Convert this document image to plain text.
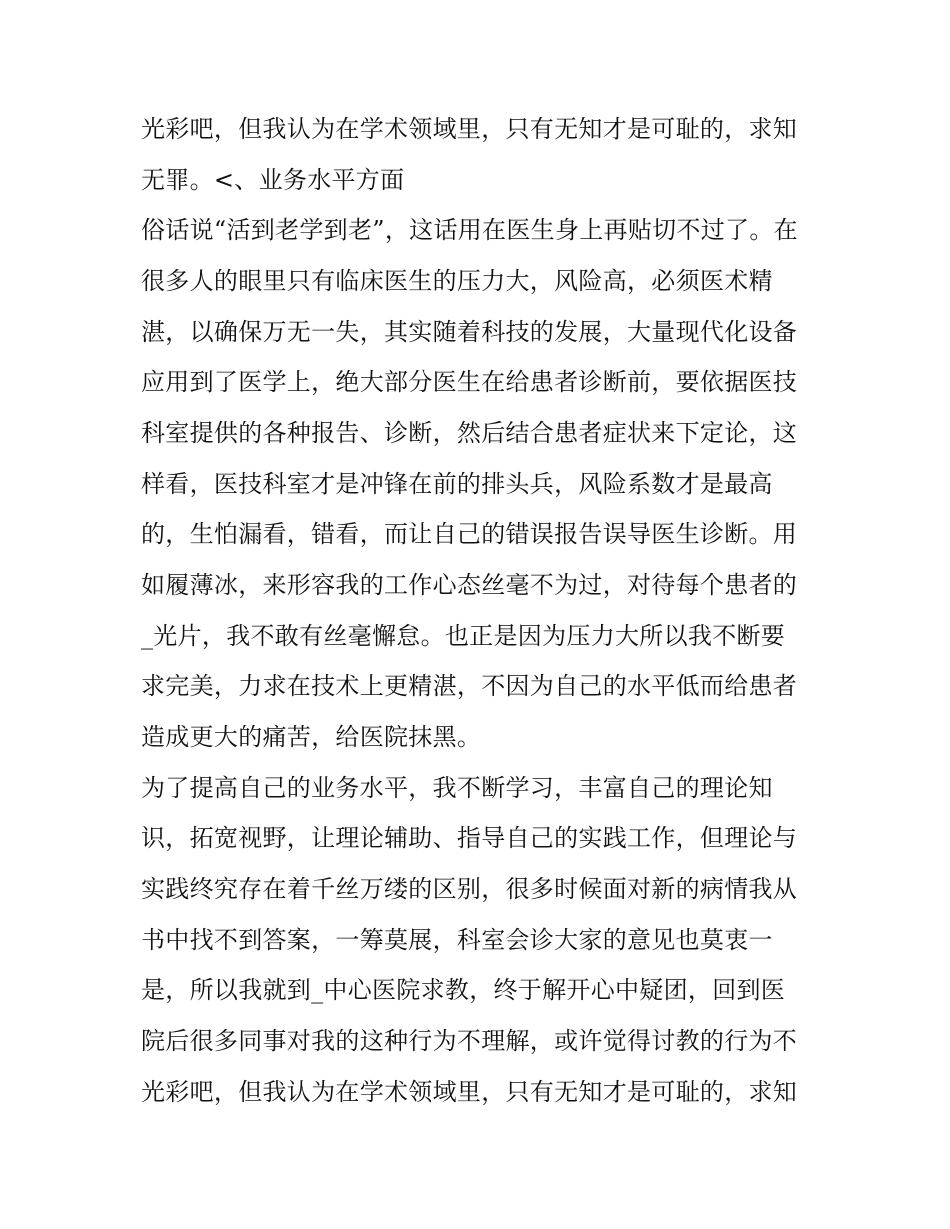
光彩吧，但我认为在学术领域里，只有无知才是可耻的，求知
无罪。<、业务水平方面
俗话说“活到老学到老”，这话用在医生身上再贴切不过了。在
很多人的眼里只有临床医生的压力大，风险高，必须医术精
湛，以确保万无一失，其实随着科技的发展，大量现代化设备
应用到了医学上，绝大部分医生在给患者诊断前，要依据医技
科室提供的各种报告、诊断，然后结合患者症状来下定论，这
样看，医技科室才是冲锋在前的排头兵，风险系数才是最高
的，生怕漏看，错看，而让自己的错误报告误导医生诊断。用
如履薄冰，来形容我的工作心态丝毫不为过，对待每个患者的
_光片，我不敢有丝毫懈怠。也正是因为压力大所以我不断要
求完美，力求在技术上更精湛，不因为自己的水平低而给患者
造成更大的痛苦，给医院抹黑。
为了提高自己的业务水平，我不断学习，丰富自己的理论知
识，拓宽视野，让理论辅助、指导自己的实践工作，但理论与
实践终究存在着千丝万缕的区别，很多时候面对新的病情我从
书中找不到答案，一筹莫展，科室会诊大家的意见也莫衷一
是，所以我就到_中心医院求教，终于解开心中疑团，回到医
院后很多同事对我的这种行为不理解，或许觉得讨教的行为不
光彩吧，但我认为在学术领域里，只有无知才是可耻的，求知
